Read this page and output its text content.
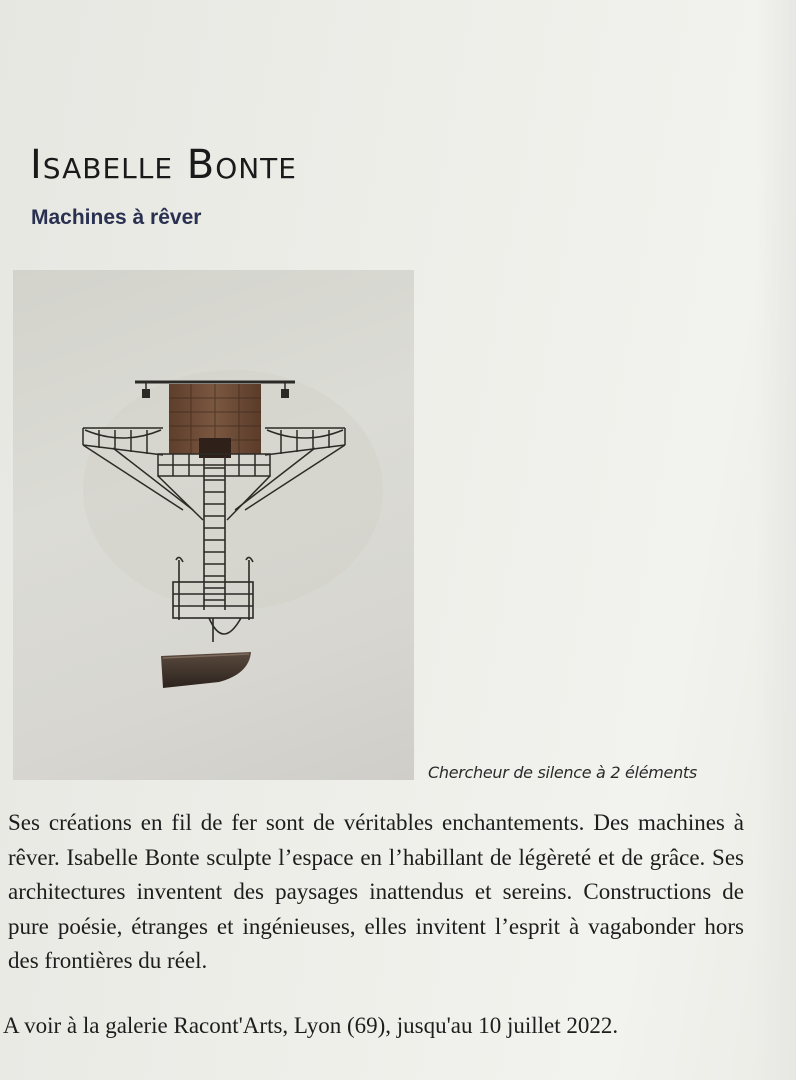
Isabelle Bonte
Machines à rêver

Chercheur de silence à 2 éléments

Ses créations en fil de fer sont de véritables enchantements. Des machines à rêver. Isabelle Bonte sculpte l’espace en l’habillant de légèreté et de grâce. Ses architectures inventent des paysages inattendus et sereins. Constructions de pure poésie, étranges et ingénieuses, elles invitent l’esprit à vagabonder hors des frontières du réel.

A voir à la galerie Racont'Arts, Lyon (69), jusqu'au 10 juillet 2022.
